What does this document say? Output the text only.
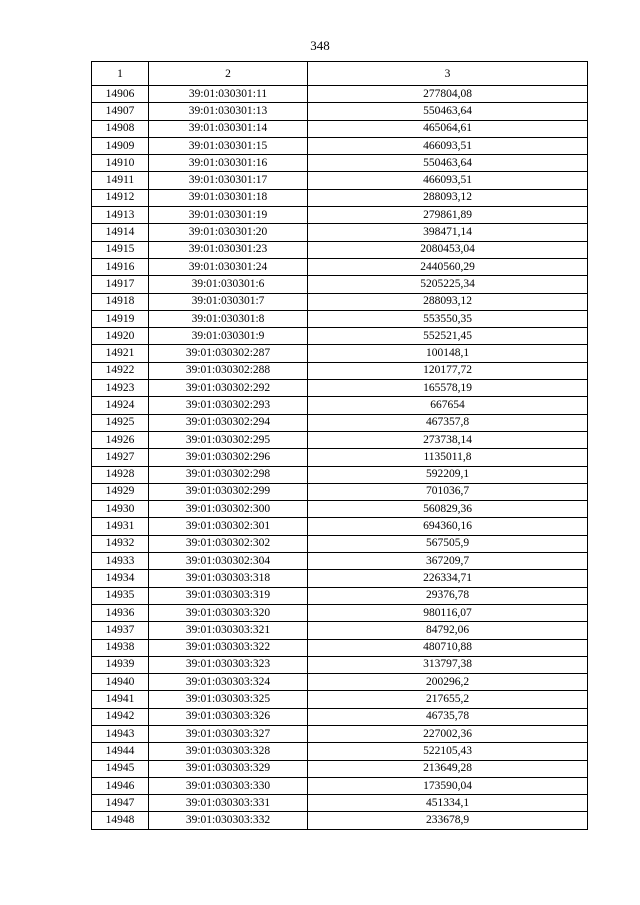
348
1	2	3
14906	39:01:030301:11	277804,08
14907	39:01:030301:13	550463,64
14908	39:01:030301:14	465064,61
14909	39:01:030301:15	466093,51
14910	39:01:030301:16	550463,64
14911	39:01:030301:17	466093,51
14912	39:01:030301:18	288093,12
14913	39:01:030301:19	279861,89
14914	39:01:030301:20	398471,14
14915	39:01:030301:23	2080453,04
14916	39:01:030301:24	2440560,29
14917	39:01:030301:6	5205225,34
14918	39:01:030301:7	288093,12
14919	39:01:030301:8	553550,35
14920	39:01:030301:9	552521,45
14921	39:01:030302:287	100148,1
14922	39:01:030302:288	120177,72
14923	39:01:030302:292	165578,19
14924	39:01:030302:293	667654
14925	39:01:030302:294	467357,8
14926	39:01:030302:295	273738,14
14927	39:01:030302:296	1135011,8
14928	39:01:030302:298	592209,1
14929	39:01:030302:299	701036,7
14930	39:01:030302:300	560829,36
14931	39:01:030302:301	694360,16
14932	39:01:030302:302	567505,9
14933	39:01:030302:304	367209,7
14934	39:01:030303:318	226334,71
14935	39:01:030303:319	29376,78
14936	39:01:030303:320	980116,07
14937	39:01:030303:321	84792,06
14938	39:01:030303:322	480710,88
14939	39:01:030303:323	313797,38
14940	39:01:030303:324	200296,2
14941	39:01:030303:325	217655,2
14942	39:01:030303:326	46735,78
14943	39:01:030303:327	227002,36
14944	39:01:030303:328	522105,43
14945	39:01:030303:329	213649,28
14946	39:01:030303:330	173590,04
14947	39:01:030303:331	451334,1
14948	39:01:030303:332	233678,9
